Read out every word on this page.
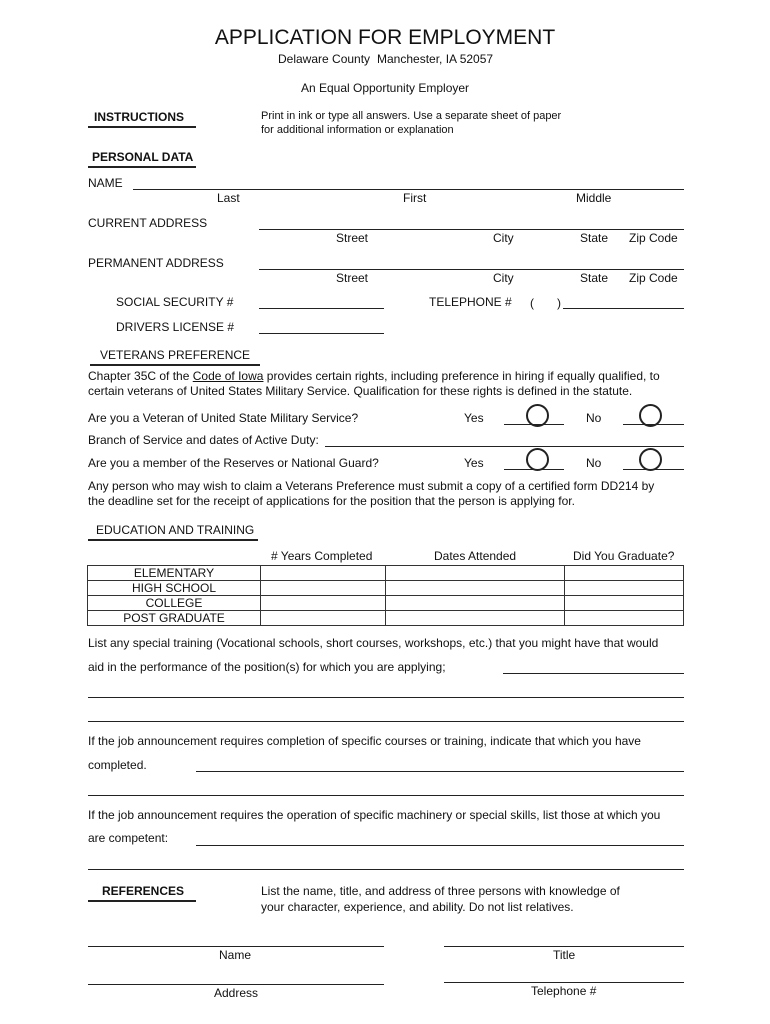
APPLICATION FOR EMPLOYMENT
Delaware County Manchester, IA 52057
An Equal Opportunity Employer
INSTRUCTIONS	Print in ink or type all answers. Use a separate sheet of paper
for additional information or explanation
PERSONAL DATA
NAME
Last	First	Middle
CURRENT ADDRESS
Street	City	State Zip Code
PERMANENT ADDRESS
Street	City	State Zip Code
SOCIAL SECURITY #	TELEPHONE # ( )
DRIVERS LICENSE #
VETERANS PREFERENCE
Chapter 35C of the Code of Iowa provides certain rights, including preference in hiring if equally qualified, to
certain veterans of United States Military Service. Qualification for these rights is defined in the statute.
Are you a Veteran of United State Military Service?	Yes	No
Branch of Service and dates of Active Duty:
Are you a member of the Reserves or National Guard?	Yes	No
Any person who may wish to claim a Veterans Preference must submit a copy of a certified form DD214 by
the deadline set for the receipt of applications for the position that the person is applying for.
EDUCATION AND TRAINING
# Years Completed	Dates Attended	Did You Graduate?
ELEMENTARY			
HIGH SCHOOL			
COLLEGE			
POST GRADUATE			
List any special training (Vocational schools, short courses, workshops, etc.) that you might have that would
aid in the performance of the position(s) for which you are applying;
If the job announcement requires completion of specific courses or training, indicate that which you have
completed.
If the job announcement requires the operation of specific machinery or special skills, list those at which you
are competent:
REFERENCES	List the name, title, and address of three persons with knowledge of
your character, experience, and ability. Do not list relatives.
Name	Title
Address	Telephone #
